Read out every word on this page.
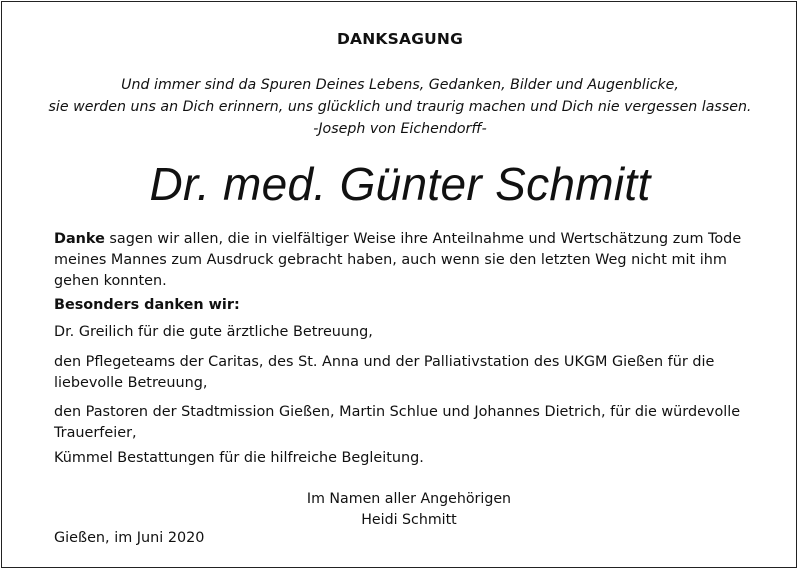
DANKSAGUNG
Und immer sind da Spuren Deines Lebens, Gedanken, Bilder und Augenblicke,
sie werden uns an Dich erinnern, uns glücklich und traurig machen und Dich nie vergessen lassen.
-Joseph von Eichendorff-
Dr. med. Günter Schmitt
Danke sagen wir allen, die in vielfältiger Weise ihre Anteilnahme und Wertschätzung zum Tode
meines Mannes zum Ausdruck gebracht haben, auch wenn sie den letzten Weg nicht mit ihm
gehen konnten.
Besonders danken wir:
Dr. Greilich für die gute ärztliche Betreuung,
den Pflegeteams der Caritas, des St. Anna und der Palliativstation des UKGM Gießen für die
liebevolle Betreuung,
den Pastoren der Stadtmission Gießen, Martin Schlue und Johannes Dietrich, für die würdevolle
Trauerfeier,
Kümmel Bestattungen für die hilfreiche Begleitung.
Im Namen aller Angehörigen
Heidi Schmitt
Gießen, im Juni 2020
